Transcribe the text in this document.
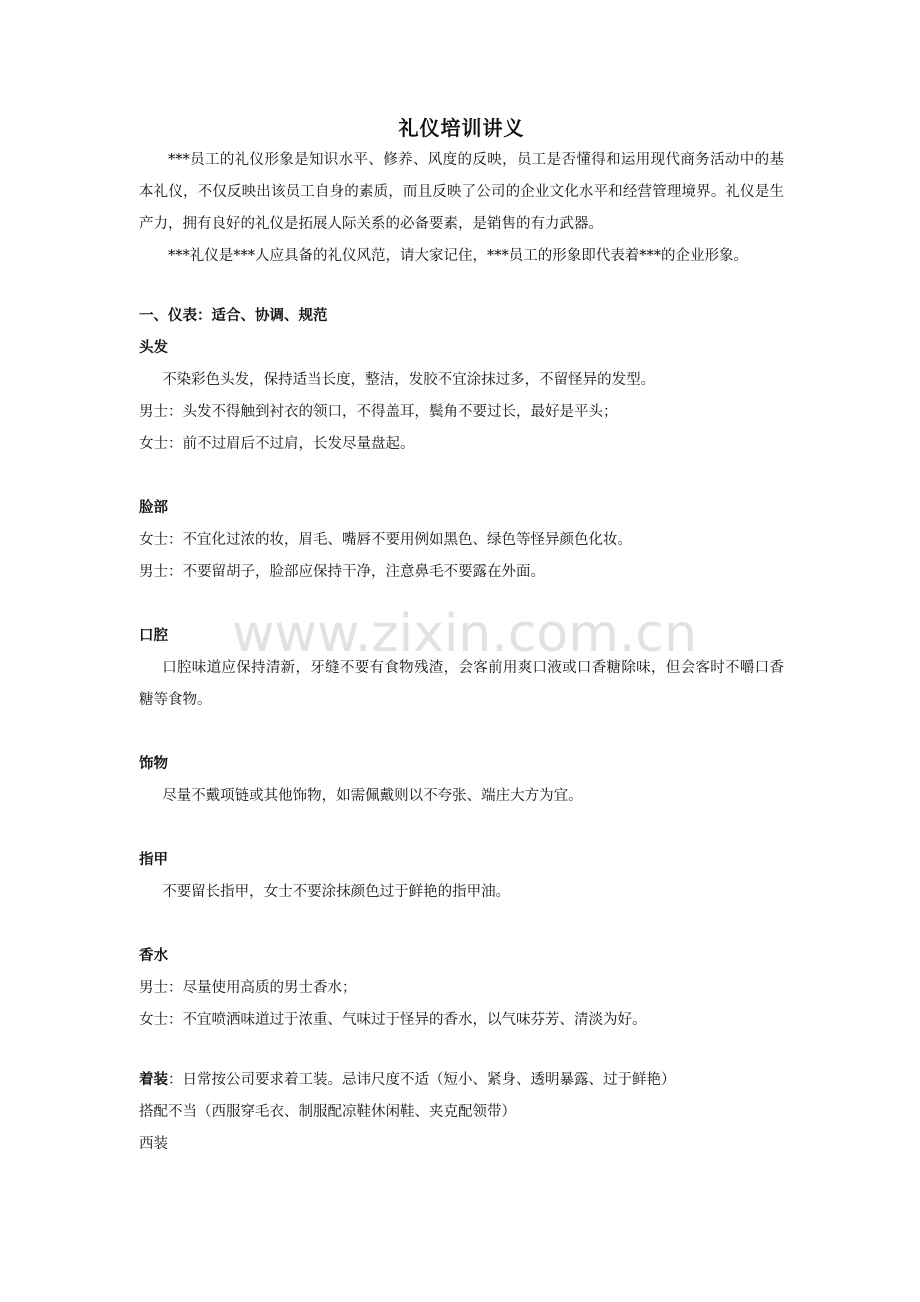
www.zixin.com.cn
礼仪培训讲义

***员工的礼仪形象是知识水平、修养、风度的反映，员工是否懂得和运用现代商务活动中的基本礼仪，不仅反映出该员工自身的素质，而且反映了公司的企业文化水平和经营管理境界。礼仪是生产力，拥有良好的礼仪是拓展人际关系的必备要素，是销售的有力武器。

***礼仪是***人应具备的礼仪风范，请大家记住，***员工的形象即代表着***的企业形象。

一、仪表：适合、协调、规范

头发

不染彩色头发，保持适当长度，整洁，发胶不宜涂抹过多，不留怪异的发型。

男士：头发不得触到衬衣的领口，不得盖耳，鬓角不要过长，最好是平头；

女士：前不过眉后不过肩，长发尽量盘起。

脸部

女士：不宜化过浓的妆，眉毛、嘴唇不要用例如黑色、绿色等怪异颜色化妆。

男士：不要留胡子，脸部应保持干净，注意鼻毛不要露在外面。

口腔

口腔味道应保持清新，牙缝不要有食物残渣，会客前用爽口液或口香糖除味，但会客时不嚼口香糖等食物。

饰物

尽量不戴项链或其他饰物，如需佩戴则以不夸张、端庄大方为宜。

指甲

不要留长指甲，女士不要涂抹颜色过于鲜艳的指甲油。

香水

男士：尽量使用高质的男士香水；

女士：不宜喷洒味道过于浓重、气味过于怪异的香水，以气味芬芳、清淡为好。

着装：日常按公司要求着工装。忌讳尺度不适（短小、紧身、透明暴露、过于鲜艳）

搭配不当（西服穿毛衣、制服配凉鞋休闲鞋、夹克配领带）

西装
